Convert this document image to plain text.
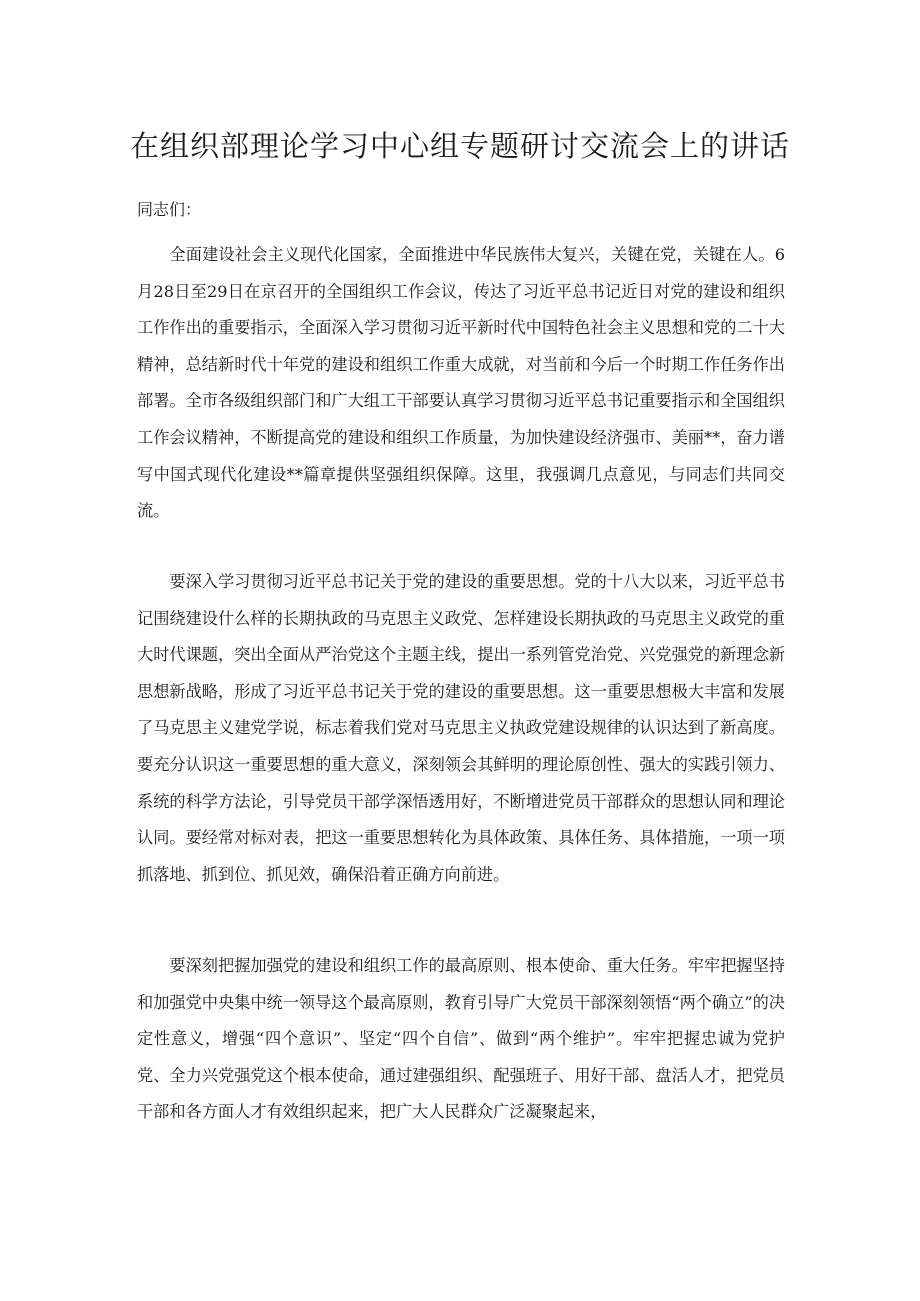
在组织部理论学习中心组专题研讨交流会上的讲话

同志们：

全面建设社会主义现代化国家，全面推进中华民族伟大复兴，关键在党，关键在人。6月28日至29日在京召开的全国组织工作会议，传达了习近平总书记近日对党的建设和组织工作作出的重要指示，全面深入学习贯彻习近平新时代中国特色社会主义思想和党的二十大精神，总结新时代十年党的建设和组织工作重大成就，对当前和今后一个时期工作任务作出部署。全市各级组织部门和广大组工干部要认真学习贯彻习近平总书记重要指示和全国组织工作会议精神，不断提高党的建设和组织工作质量，为加快建设经济强市、美丽**，奋力谱写中国式现代化建设**篇章提供坚强组织保障。这里，我强调几点意见，与同志们共同交流。

要深入学习贯彻习近平总书记关于党的建设的重要思想。党的十八大以来，习近平总书记围绕建设什么样的长期执政的马克思主义政党、怎样建设长期执政的马克思主义政党的重大时代课题，突出全面从严治党这个主题主线，提出一系列管党治党、兴党强党的新理念新思想新战略，形成了习近平总书记关于党的建设的重要思想。这一重要思想极大丰富和发展了马克思主义建党学说，标志着我们党对马克思主义执政党建设规律的认识达到了新高度。要充分认识这一重要思想的重大意义，深刻领会其鲜明的理论原创性、强大的实践引领力、系统的科学方法论，引导党员干部学深悟透用好，不断增进党员干部群众的思想认同和理论认同。要经常对标对表，把这一重要思想转化为具体政策、具体任务、具体措施，一项一项抓落地、抓到位、抓见效，确保沿着正确方向前进。

要深刻把握加强党的建设和组织工作的最高原则、根本使命、重大任务。牢牢把握坚持和加强党中央集中统一领导这个最高原则，教育引导广大党员干部深刻领悟“两个确立”的决定性意义，增强“四个意识”、坚定“四个自信”、做到“两个维护”。牢牢把握忠诚为党护党、全力兴党强党这个根本使命，通过建强组织、配强班子、用好干部、盘活人才，把党员干部和各方面人才有效组织起来，把广大人民群众广泛凝聚起来，
